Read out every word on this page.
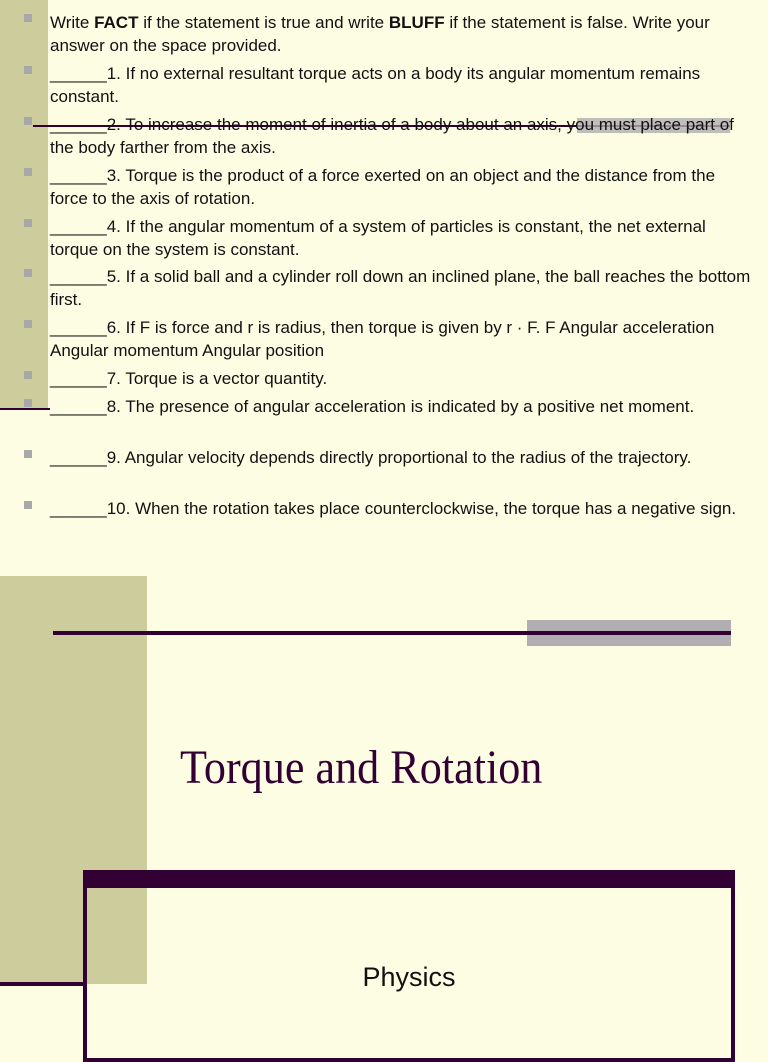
Write FACT if the statement is true and write BLUFF if the statement is false. Write your answer on the space provided.
______1. If no external resultant torque acts on a body its angular momentum remains constant.
______2. To increase the moment of inertia of a body about an axis, you must place part of the body farther from the axis.
______3. Torque is the product of a force exerted on an object and the distance from the force to the axis of rotation.
______4. If the angular momentum of a system of particles is constant, the net external torque on the system is constant.
______5. If a solid ball and a cylinder roll down an inclined plane, the ball reaches the bottom first.
______6. If F is force and r is radius, then torque is given by r · F. F Angular acceleration Angular momentum Angular position
______7. Torque is a vector quantity.
______8. The presence of angular acceleration is indicated by a positive net moment.
______9. Angular velocity depends directly proportional to the radius of the trajectory.
______10. When the rotation takes place counterclockwise, the torque has a negative sign.
Torque and Rotation
Physics
